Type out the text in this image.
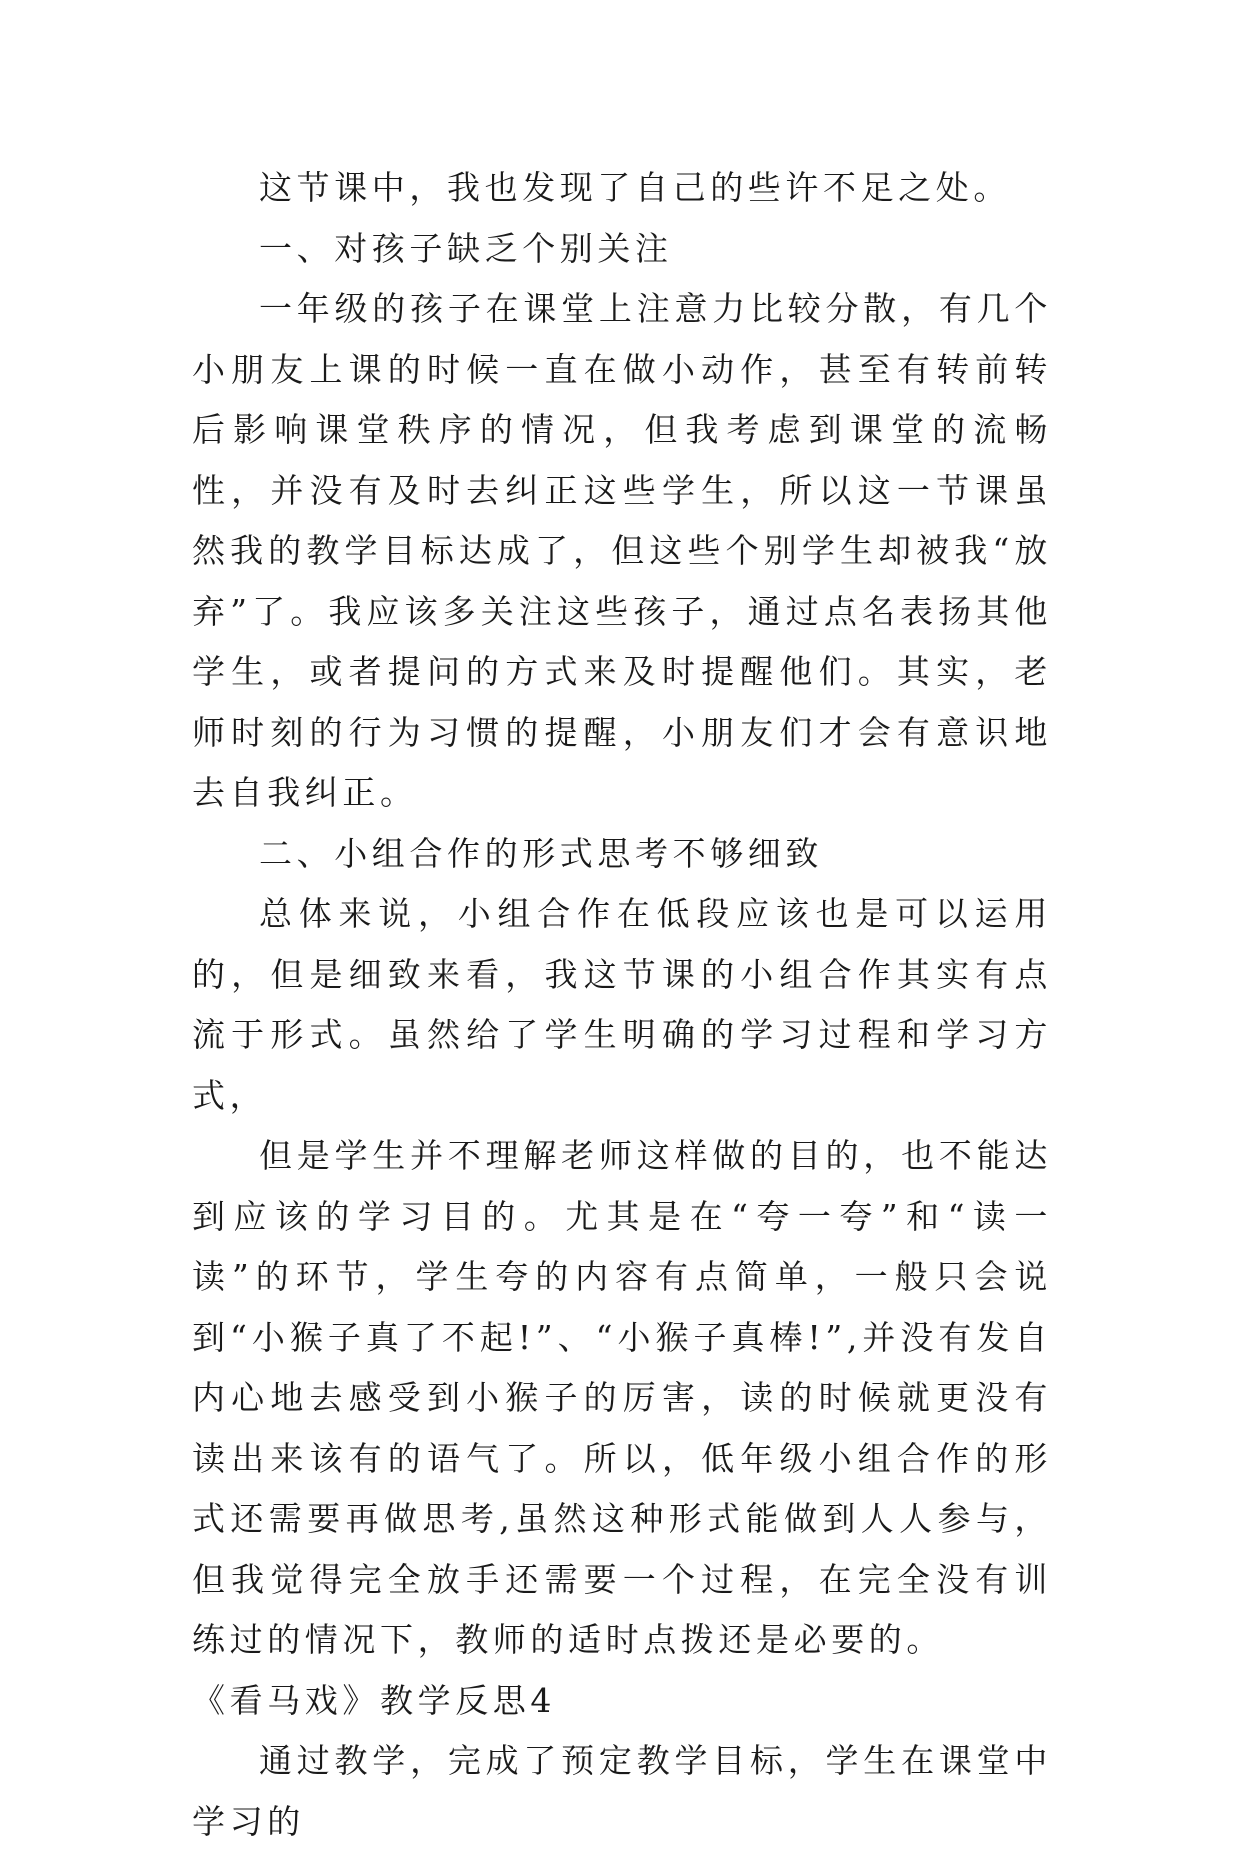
这节课中，我也发现了自己的些许不足之处。

一、对孩子缺乏个别关注

一年级的孩子在课堂上注意力比较分散，有几个小朋友上课的时候一直在做小动作，甚至有转前转后影响课堂秩序的情况，但我考虑到课堂的流畅性，并没有及时去纠正这些学生，所以这一节课虽然我的教学目标达成了，但这些个别学生却被我“放弃”了。我应该多关注这些孩子，通过点名表扬其他学生，或者提问的方式来及时提醒他们。其实，老师时刻的行为习惯的提醒，小朋友们才会有意识地去自我纠正。

二、小组合作的形式思考不够细致

总体来说，小组合作在低段应该也是可以运用的，但是细致来看，我这节课的小组合作其实有点流于形式。虽然给了学生明确的学习过程和学习方式，

但是学生并不理解老师这样做的目的，也不能达到应该的学习目的。尤其是在“夸一夸”和“读一读”的环节，学生夸的内容有点简单，一般只会说到“小猴子真了不起!”、“小猴子真棒!”,并没有发自内心地去感受到小猴子的厉害，读的时候就更没有读出来该有的语气了。所以，低年级小组合作的形式还需要再做思考,虽然这种形式能做到人人参与，但我觉得完全放手还需要一个过程，在完全没有训练过的情况下，教师的适时点拨还是必要的。

《看马戏》教学反思4

通过教学，完成了预定教学目标，学生在课堂中学习的
